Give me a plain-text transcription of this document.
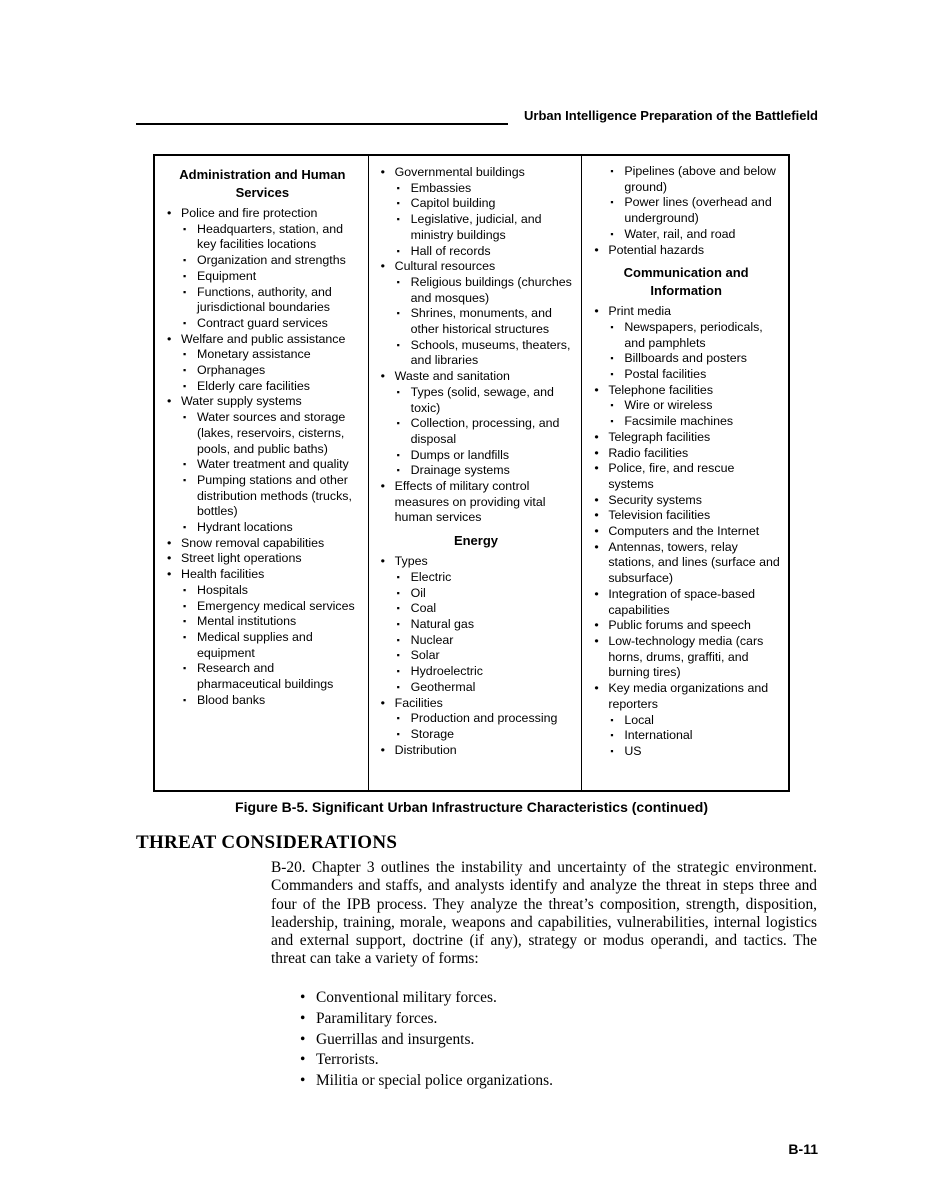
Urban Intelligence Preparation of the Battlefield
Administration and Human Services
• Police and fire protection
▪ Headquarters, station, and key facilities locations
▪ Organization and strengths
▪ Equipment
▪ Functions, authority, and jurisdictional boundaries
▪ Contract guard services
• Welfare and public assistance
▪ Monetary assistance
▪ Orphanages
▪ Elderly care facilities
• Water supply systems
▪ Water sources and storage (lakes, reservoirs, cisterns, pools, and public baths)
▪ Water treatment and quality
▪ Pumping stations and other distribution methods (trucks, bottles)
▪ Hydrant locations
• Snow removal capabilities
• Street light operations
• Health facilities
▪ Hospitals
▪ Emergency medical services
▪ Mental institutions
▪ Medical supplies and equipment
▪ Research and pharmaceutical buildings
▪ Blood banks
• Governmental buildings
▪ Embassies
▪ Capitol building
▪ Legislative, judicial, and ministry buildings
▪ Hall of records
• Cultural resources
▪ Religious buildings (churches and mosques)
▪ Shrines, monuments, and other historical structures
▪ Schools, museums, theaters, and libraries
• Waste and sanitation
▪ Types (solid, sewage, and toxic)
▪ Collection, processing, and disposal
▪ Dumps or landfills
▪ Drainage systems
• Effects of military control measures on providing vital human services
Energy
• Types
▪ Electric
▪ Oil
▪ Coal
▪ Natural gas
▪ Nuclear
▪ Solar
▪ Hydroelectric
▪ Geothermal
• Facilities
▪ Production and processing
▪ Storage
• Distribution
▪ Pipelines (above and below ground)
▪ Power lines (overhead and underground)
▪ Water, rail, and road
• Potential hazards
Communication and Information
• Print media
▪ Newspapers, periodicals, and pamphlets
▪ Billboards and posters
▪ Postal facilities
• Telephone facilities
▪ Wire or wireless
▪ Facsimile machines
• Telegraph facilities
• Radio facilities
• Police, fire, and rescue systems
• Security systems
• Television facilities
• Computers and the Internet
• Antennas, towers, relay stations, and lines (surface and subsurface)
• Integration of space-based capabilities
• Public forums and speech
• Low-technology media (cars horns, drums, graffiti, and burning tires)
• Key media organizations and reporters
▪ Local
▪ International
▪ US
Figure B-5. Significant Urban Infrastructure Characteristics (continued)
THREAT CONSIDERATIONS
B-20. Chapter 3 outlines the instability and uncertainty of the strategic environment. Commanders and staffs, and analysts identify and analyze the threat in steps three and four of the IPB process. They analyze the threat’s composition, strength, disposition, leadership, training, morale, weapons and capabilities, vulnerabilities, internal logistics and external support, doctrine (if any), strategy or modus operandi, and tactics. The threat can take a variety of forms:
• Conventional military forces.
• Paramilitary forces.
• Guerrillas and insurgents.
• Terrorists.
• Militia or special police organizations.
B-11
